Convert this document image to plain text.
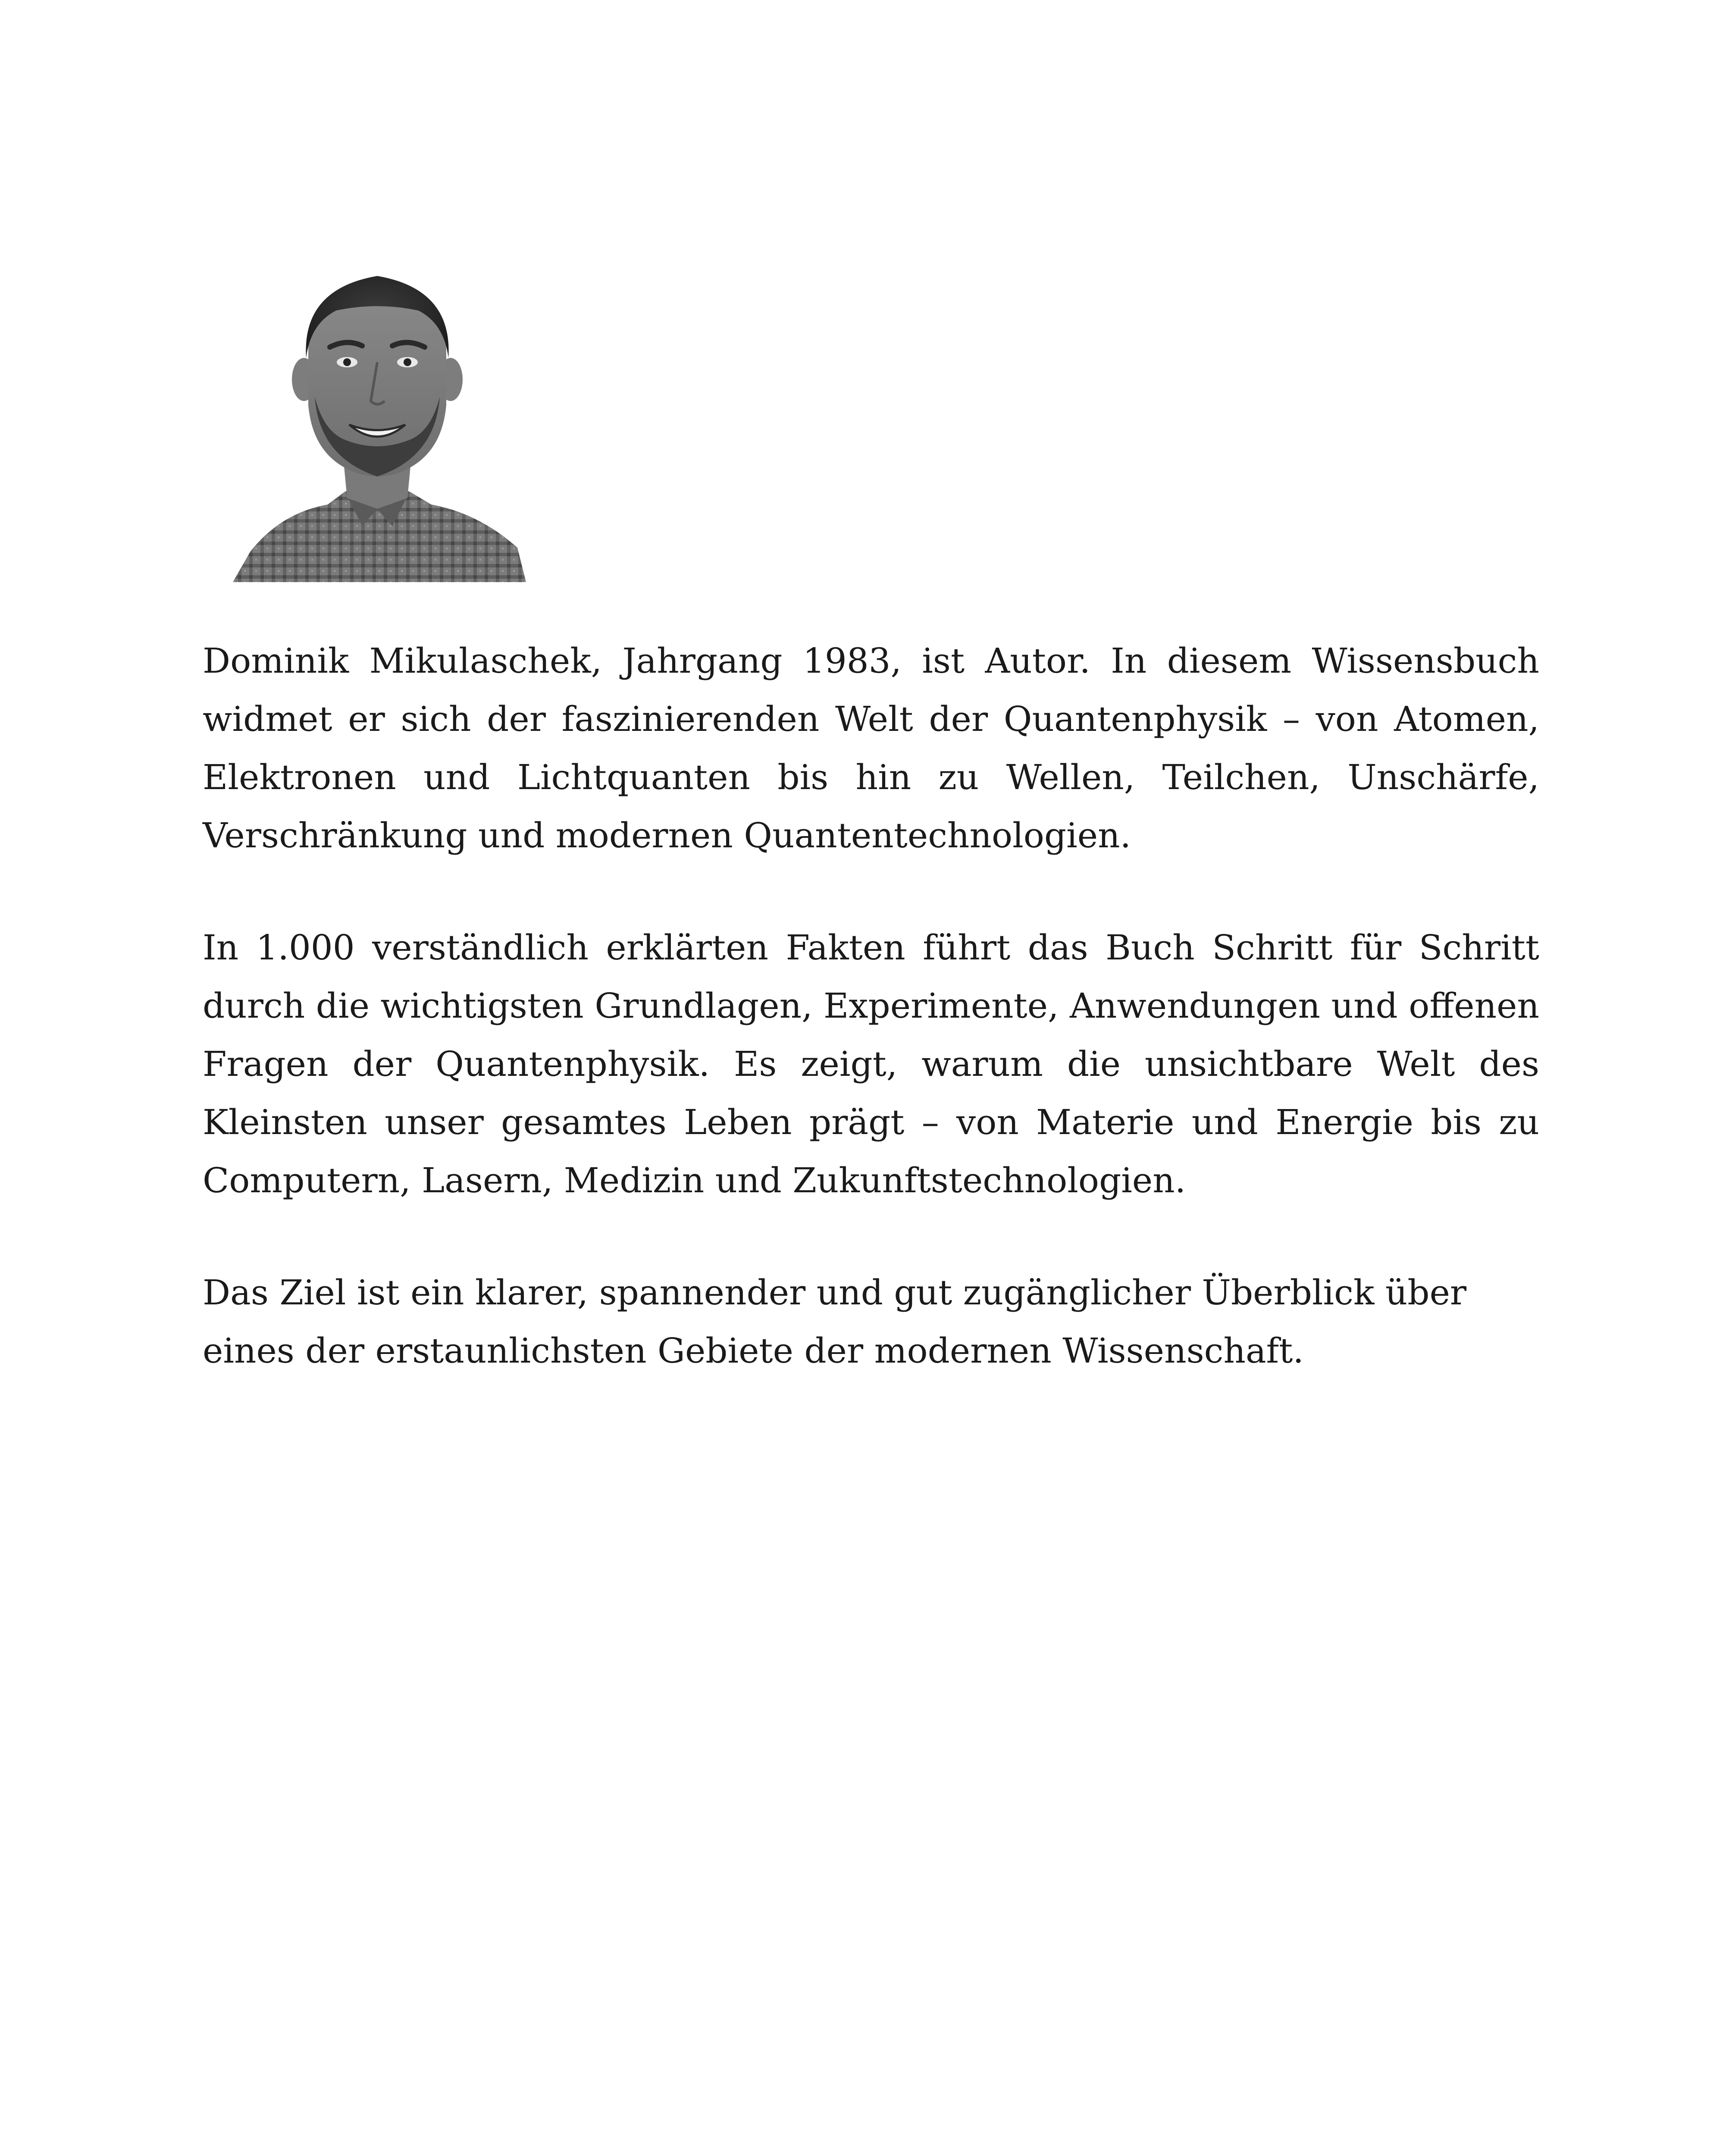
Dominik Mikulaschek, Jahrgang 1983, ist Autor. In diesem Wissensbuch widmet er sich der faszinierenden Welt der Quantenphysik – von Atomen, Elektronen und Lichtquanten bis hin zu Wellen, Teilchen, Unschärfe, Verschränkung und modernen Quantentechnologien.

In 1.000 verständlich erklärten Fakten führt das Buch Schritt für Schritt durch die wichtigsten Grundlagen, Experimente, Anwendungen und offenen Fragen der Quantenphysik. Es zeigt, warum die unsichtbare Welt des Kleinsten unser gesamtes Leben prägt – von Materie und Energie bis zu Computern, Lasern, Medizin und Zukunftstechnologien.

Das Ziel ist ein klarer, spannender und gut zugänglicher Überblick über eines der erstaunlichsten Gebiete der modernen Wissenschaft.
